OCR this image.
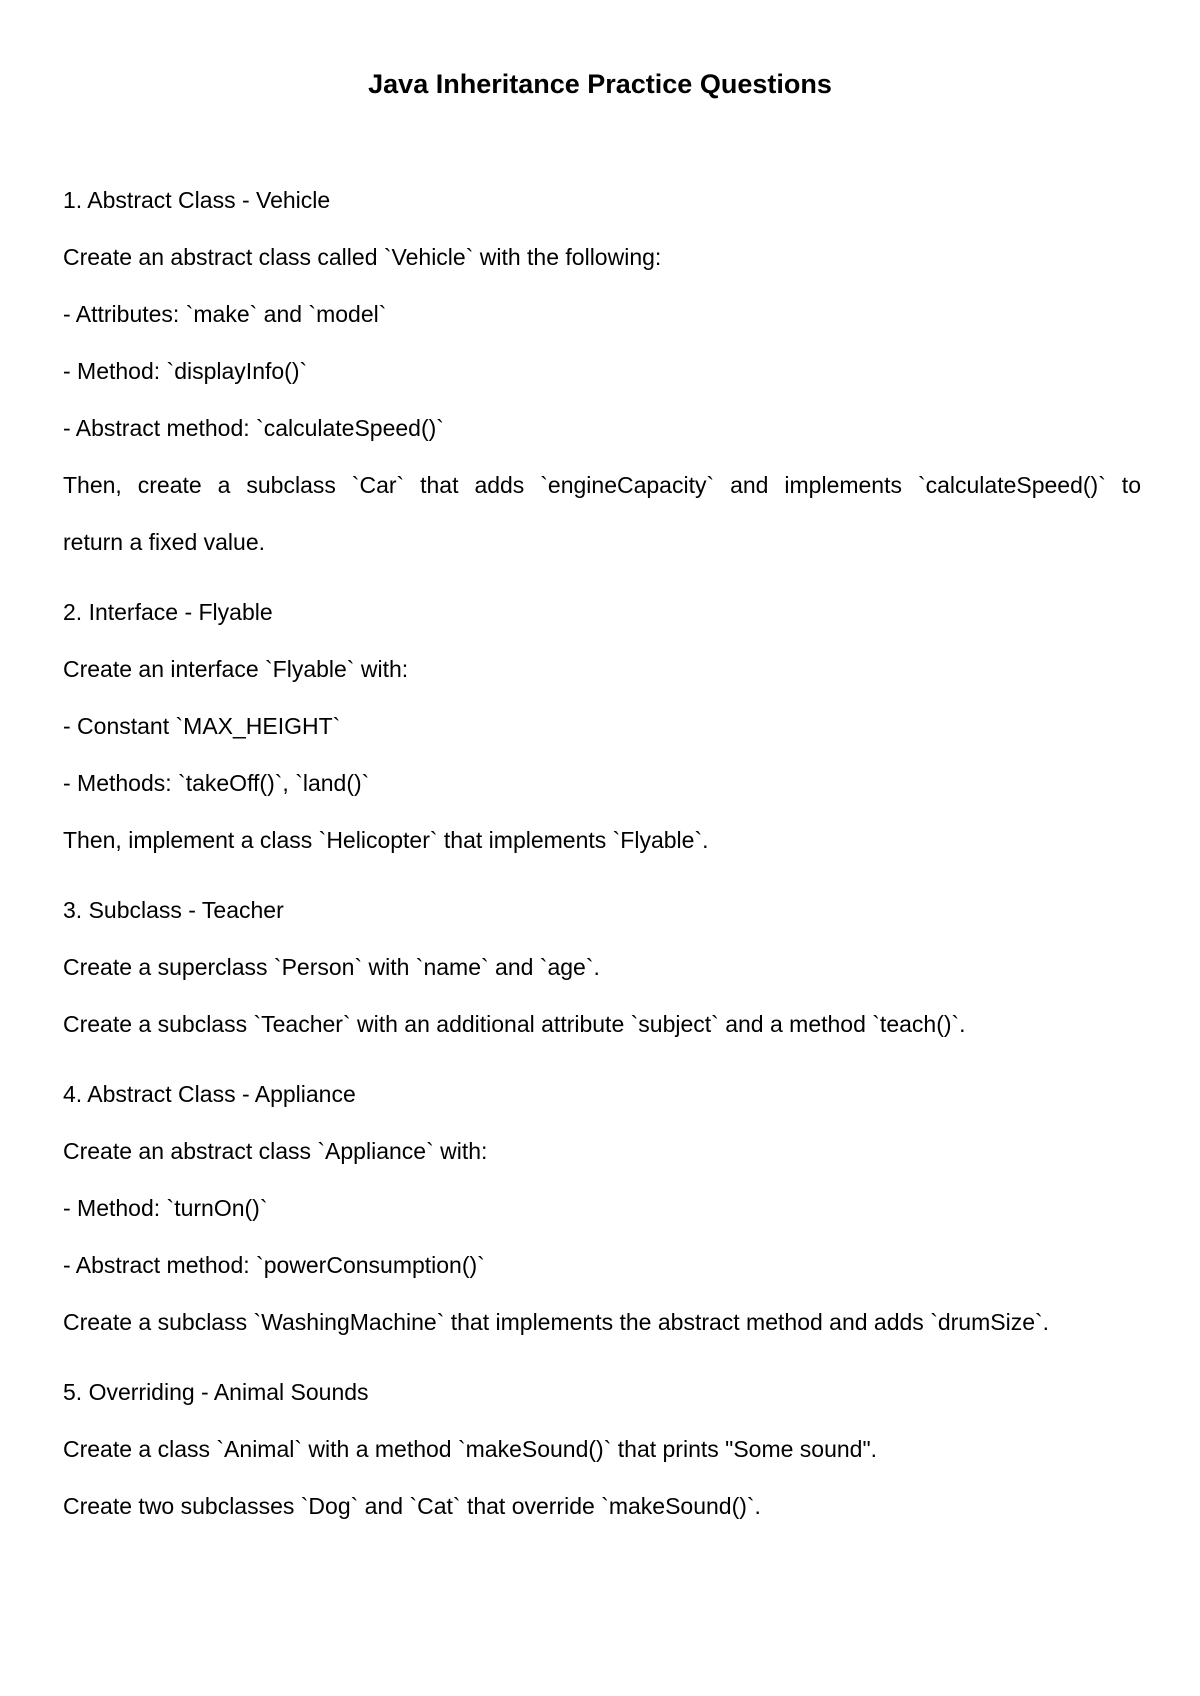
Java Inheritance Practice Questions
1. Abstract Class - Vehicle
Create an abstract class called `Vehicle` with the following:
- Attributes: `make` and `model`
- Method: `displayInfo()`
- Abstract method: `calculateSpeed()`
Then, create a subclass `Car` that adds `engineCapacity` and implements `calculateSpeed()` to
return a fixed value.
2. Interface - Flyable
Create an interface `Flyable` with:
- Constant `MAX_HEIGHT`
- Methods: `takeOff()`, `land()`
Then, implement a class `Helicopter` that implements `Flyable`.
3. Subclass - Teacher
Create a superclass `Person` with `name` and `age`.
Create a subclass `Teacher` with an additional attribute `subject` and a method `teach()`.
4. Abstract Class - Appliance
Create an abstract class `Appliance` with:
- Method: `turnOn()`
- Abstract method: `powerConsumption()`
Create a subclass `WashingMachine` that implements the abstract method and adds `drumSize`.
5. Overriding - Animal Sounds
Create a class `Animal` with a method `makeSound()` that prints "Some sound".
Create two subclasses `Dog` and `Cat` that override `makeSound()`.
